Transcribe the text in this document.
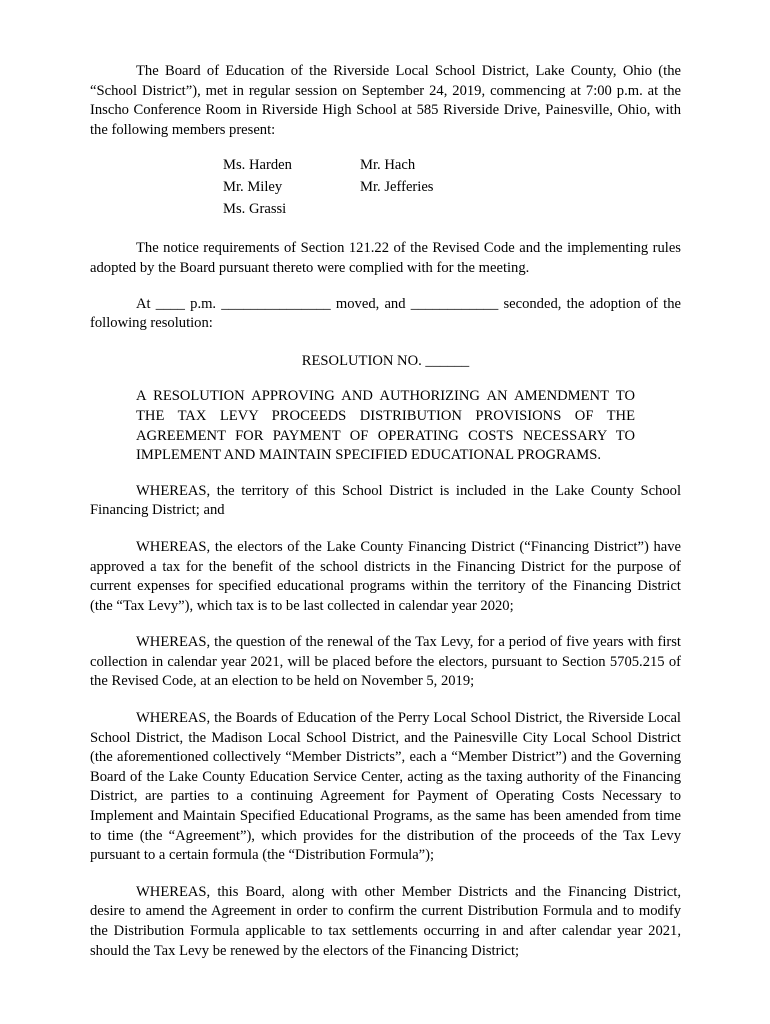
The Board of Education of the Riverside Local School District, Lake County, Ohio (the “School District”), met in regular session on September 24, 2019, commencing at 7:00 p.m. at the Inscho Conference Room in Riverside High School at 585 Riverside Drive, Painesville, Ohio, with the following members present:

Ms. Harden	Mr. Hach
Mr. Miley	Mr. Jefferies
Ms. Grassi

The notice requirements of Section 121.22 of the Revised Code and the implementing rules adopted by the Board pursuant thereto were complied with for the meeting.

At ____ p.m. _______________ moved, and ____________ seconded, the adoption of the following resolution:

RESOLUTION NO. ______

A RESOLUTION APPROVING AND AUTHORIZING AN AMENDMENT TO
THE TAX LEVY PROCEEDS DISTRIBUTION PROVISIONS OF THE
AGREEMENT FOR PAYMENT OF OPERATING COSTS NECESSARY TO
IMPLEMENT AND MAINTAIN SPECIFIED EDUCATIONAL PROGRAMS.

WHEREAS, the territory of this School District is included in the Lake County School Financing District; and

WHEREAS, the electors of the Lake County Financing District (“Financing District”) have approved a tax for the benefit of the school districts in the Financing District for the purpose of current expenses for specified educational programs within the territory of the Financing District (the “Tax Levy”), which tax is to be last collected in calendar year 2020;

WHEREAS, the question of the renewal of the Tax Levy, for a period of five years with first collection in calendar year 2021, will be placed before the electors, pursuant to Section 5705.215 of the Revised Code, at an election to be held on November 5, 2019;

WHEREAS, the Boards of Education of the Perry Local School District, the Riverside Local School District, the Madison Local School District, and the Painesville City Local School District (the aforementioned collectively “Member Districts”, each a “Member District”) and the Governing Board of the Lake County Education Service Center, acting as the taxing authority of the Financing District, are parties to a continuing Agreement for Payment of Operating Costs Necessary to Implement and Maintain Specified Educational Programs, as the same has been amended from time to time (the “Agreement”), which provides for the distribution of the proceeds of the Tax Levy pursuant to a certain formula (the “Distribution Formula”);

WHEREAS, this Board, along with other Member Districts and the Financing District, desire to amend the Agreement in order to confirm the current Distribution Formula and to modify the Distribution Formula applicable to tax settlements occurring in and after calendar year 2021, should the Tax Levy be renewed by the electors of the Financing District;
